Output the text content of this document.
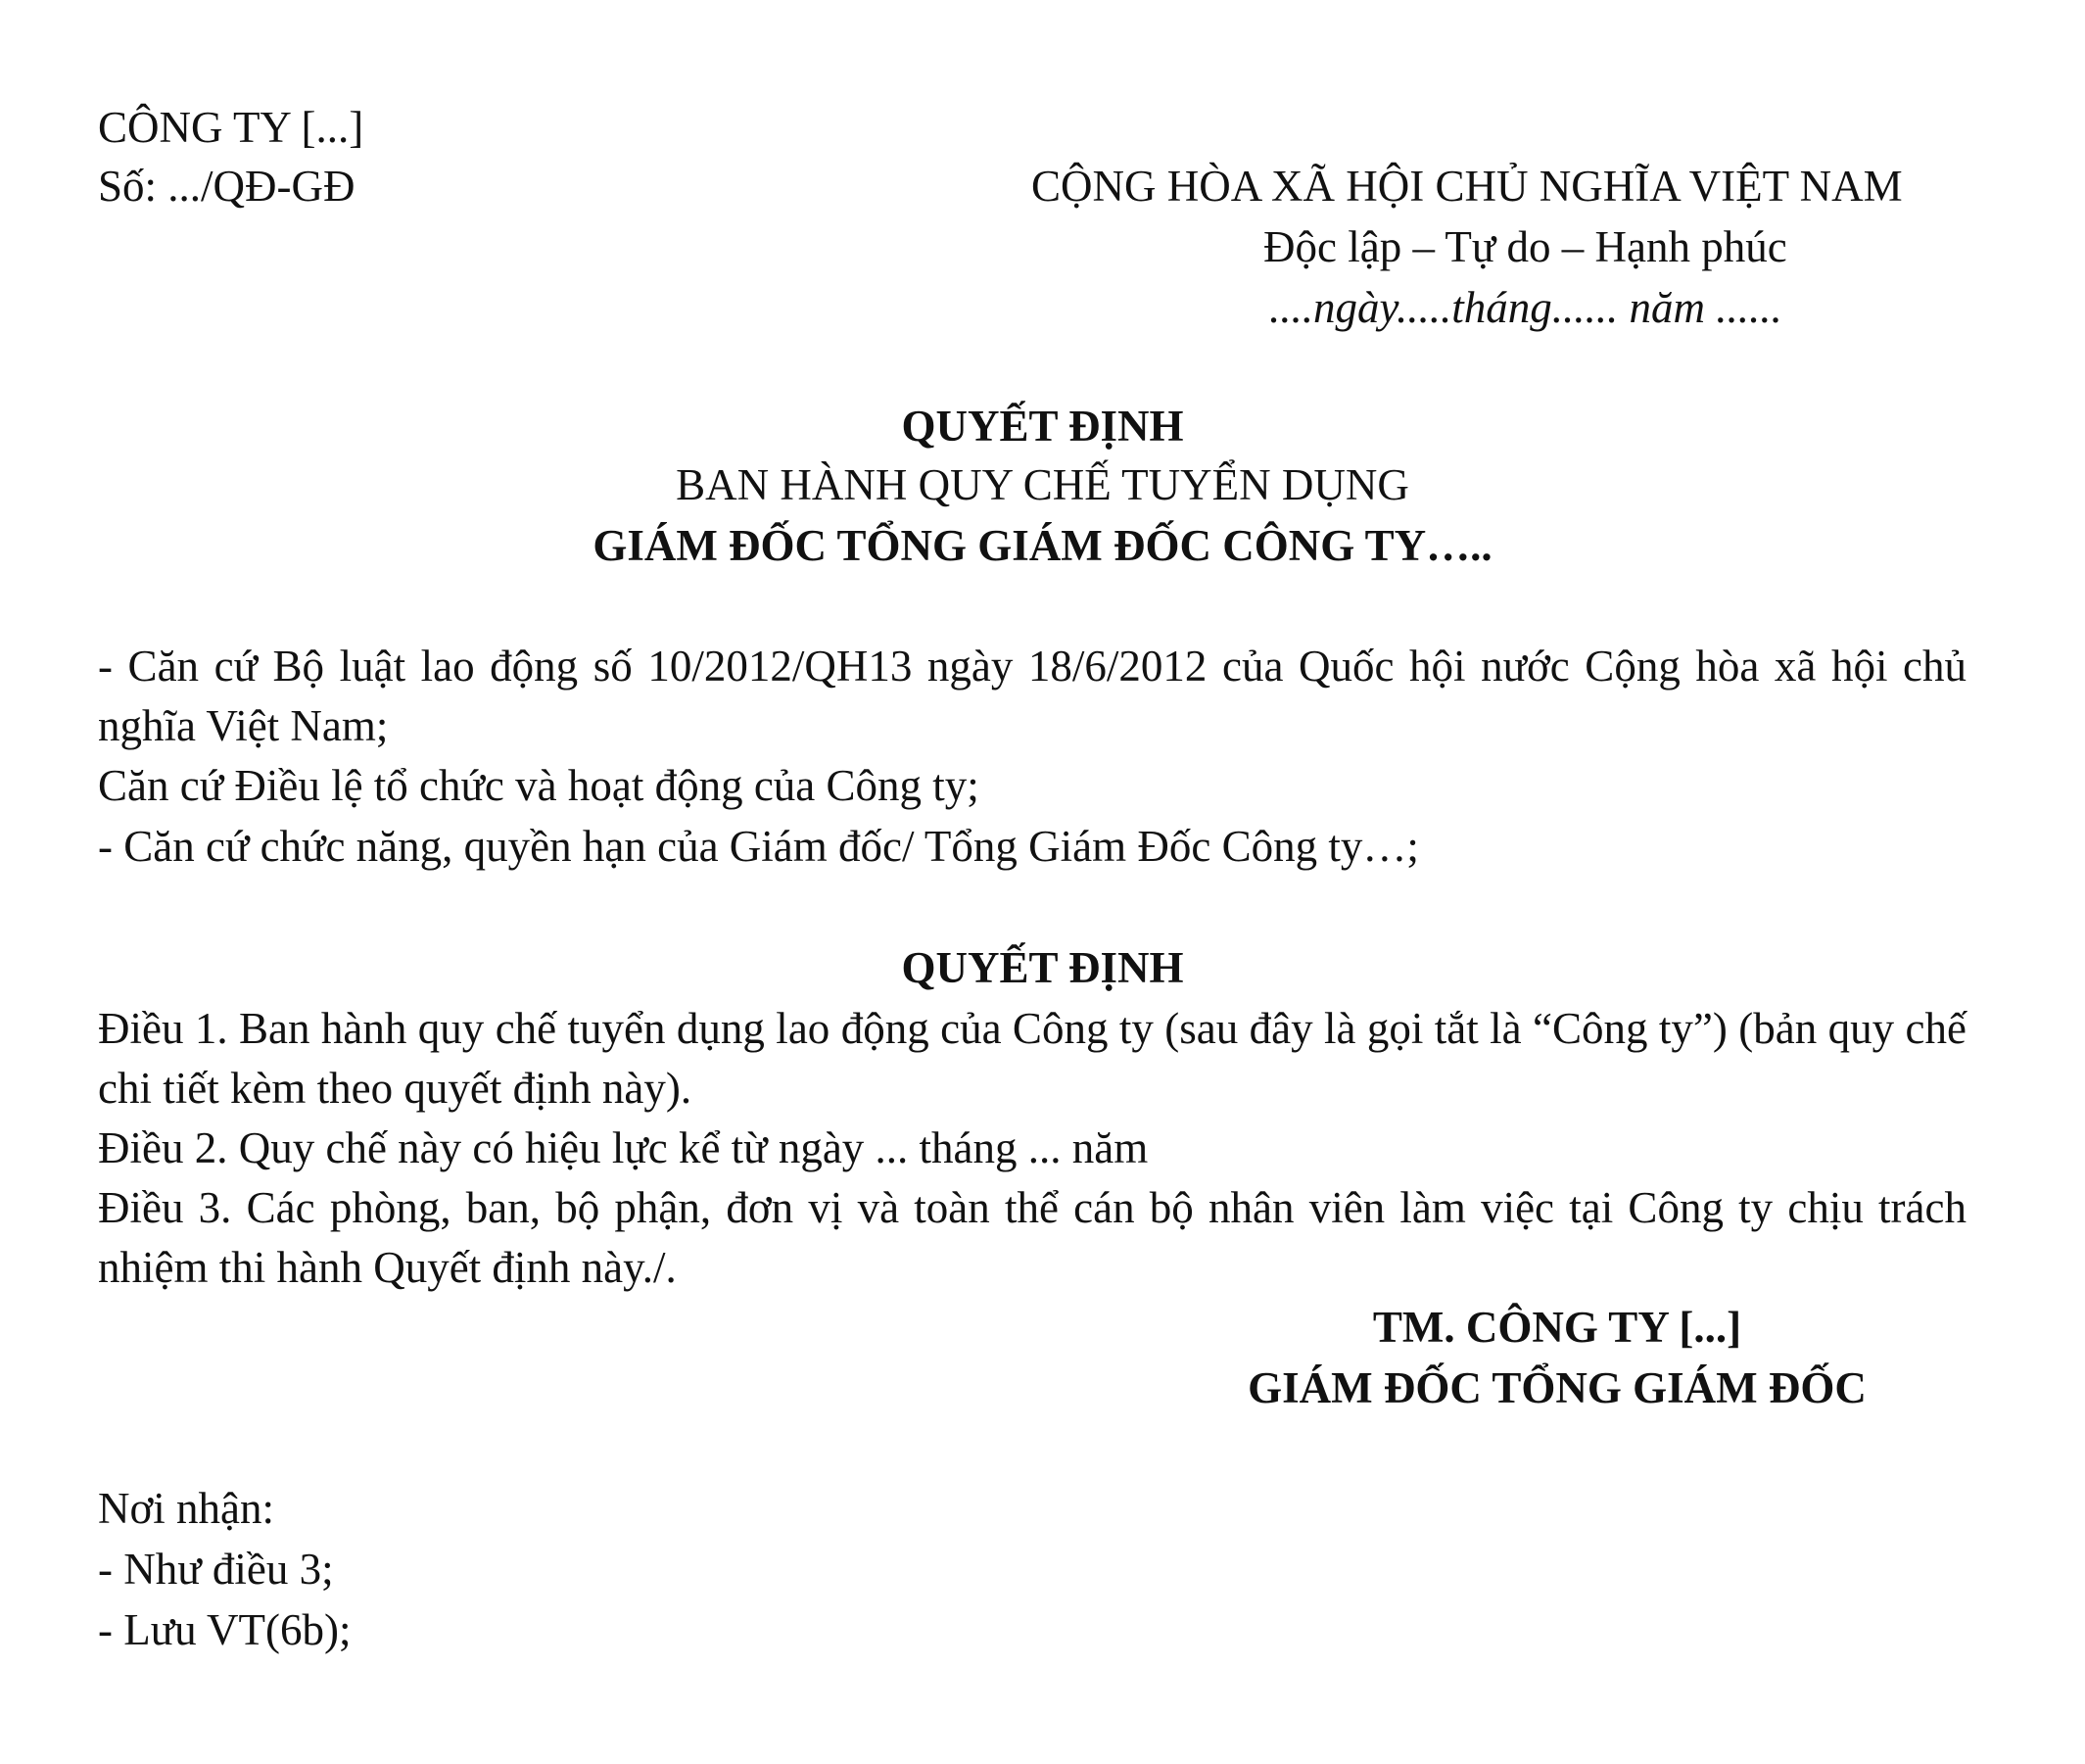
CÔNG TY [...]

Số: .../QĐ-GĐ	CỘNG HÒA XÃ HỘI CHỦ NGHĨA VIỆT NAM

Độc lập – Tự do – Hạnh phúc

....ngày.....tháng...... năm ......

QUYẾT ĐỊNH

BAN HÀNH QUY CHẾ TUYỂN DỤNG

GIÁM ĐỐC TỔNG GIÁM ĐỐC CÔNG TY…..

- Căn cứ Bộ luật lao động số 10/2012/QH13 ngày 18/6/2012 của Quốc hội nước Cộng hòa xã hội chủ nghĩa Việt Nam;

Căn cứ Điều lệ tổ chức và hoạt động của Công ty;

- Căn cứ chức năng, quyền hạn của Giám đốc/ Tổng Giám Đốc Công ty…;

QUYẾT ĐỊNH

Điều 1. Ban hành quy chế tuyển dụng lao động của Công ty (sau đây là gọi tắt là “Công ty”) (bản quy chế chi tiết kèm theo quyết định này).

Điều 2. Quy chế này có hiệu lực kể từ ngày ... tháng ... năm

Điều 3. Các phòng, ban, bộ phận, đơn vị và toàn thể cán bộ nhân viên làm việc tại Công ty chịu trách nhiệm thi hành Quyết định này./.

TM. CÔNG TY [...]

GIÁM ĐỐC TỔNG GIÁM ĐỐC

Nơi nhận:

- Như điều 3;

- Lưu VT(6b);
